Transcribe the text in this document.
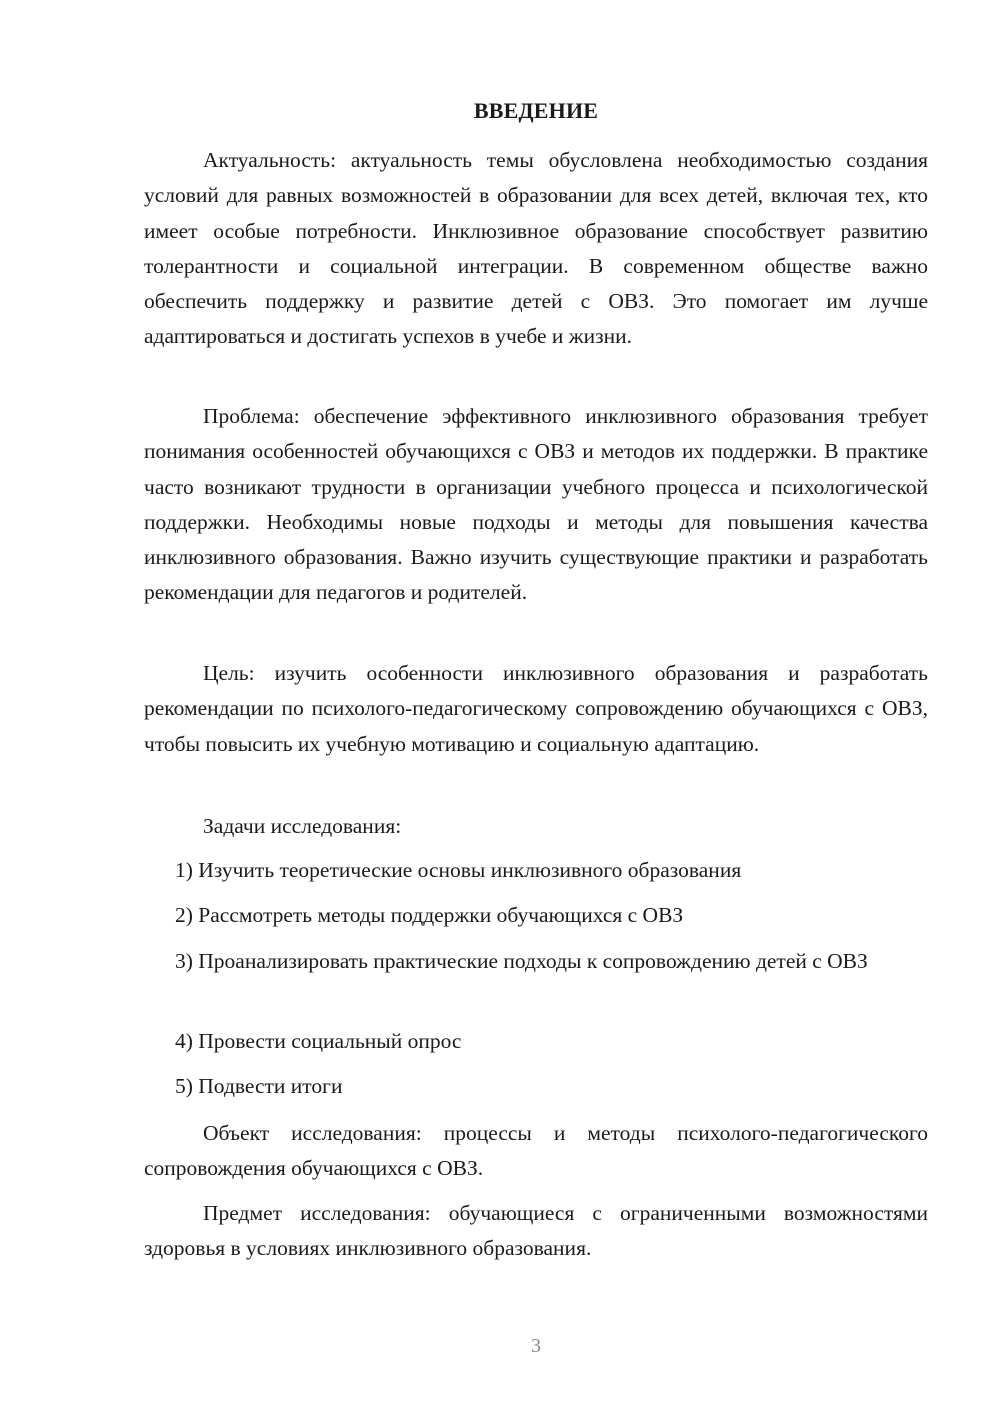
ВВЕДЕНИЕ

Актуальность: актуальность темы обусловлена необходимостью создания условий для равных возможностей в образовании для всех детей, включая тех, кто имеет особые потребности. Инклюзивное образование способствует развитию толерантности и социальной интеграции. В современном обществе важно обеспечить поддержку и развитие детей с ОВЗ. Это помогает им лучше адаптироваться и достигать успехов в учебе и жизни.

Проблема: обеспечение эффективного инклюзивного образования требует понимания особенностей обучающихся с ОВЗ и методов их поддержки. В практике часто возникают трудности в организации учебного процесса и психологической поддержки. Необходимы новые подходы и методы для повышения качества инклюзивного образования. Важно изучить существующие практики и разработать рекомендации для педагогов и родителей.

Цель: изучить особенности инклюзивного образования и разработать рекомендации по психолого-педагогическому сопровождению обучающихся с ОВЗ, чтобы повысить их учебную мотивацию и социальную адаптацию.

Задачи исследования:

1) Изучить теоретические основы инклюзивного образования

2) Рассмотреть методы поддержки обучающихся с ОВЗ

3) Проанализировать практические подходы к сопровождению детей с ОВЗ

4) Провести социальный опрос

5) Подвести итоги

Объект исследования: процессы и методы психолого-педагогического сопровождения обучающихся с ОВЗ.

Предмет исследования: обучающиеся с ограниченными возможностями здоровья в условиях инклюзивного образования.

3
